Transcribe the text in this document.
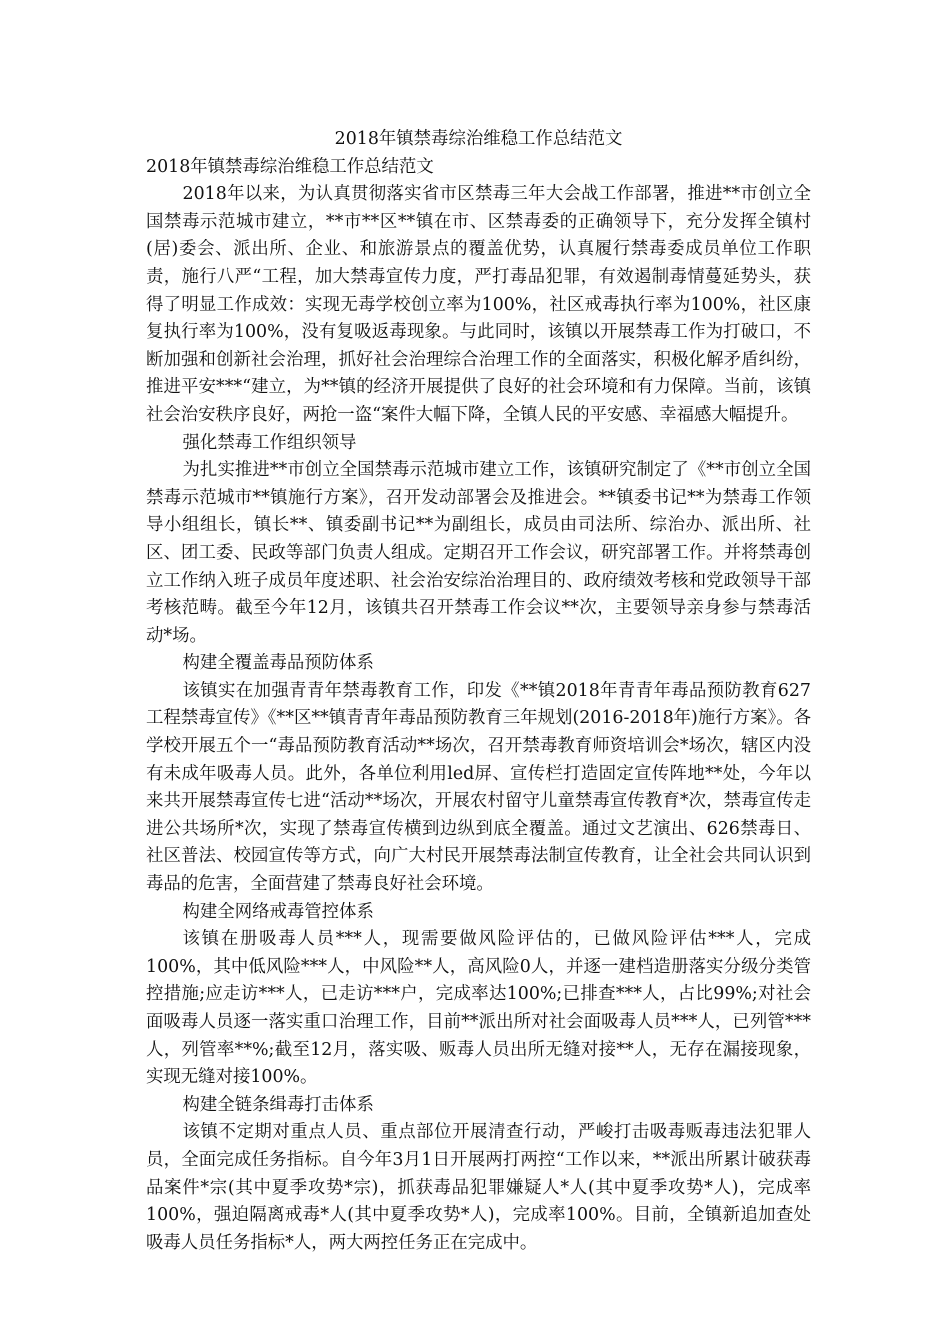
2018年镇禁毒综治维稳工作总结范文

2018年镇禁毒综治维稳工作总结范文

2018年以来，为认真贯彻落实省市区禁毒三年大会战工作部署，推进**市创立全国禁毒示范城市建立，**市**区**镇在市、区禁毒委的正确领导下，充分发挥全镇村(居)委会、派出所、企业、和旅游景点的覆盖优势，认真履行禁毒委成员单位工作职责，施行八严“工程，加大禁毒宣传力度，严打毒品犯罪，有效遏制毒情蔓延势头，获得了明显工作成效：实现无毒学校创立率为100%，社区戒毒执行率为100%，社区康复执行率为100%，没有复吸返毒现象。与此同时，该镇以开展禁毒工作为打破口，不断加强和创新社会治理，抓好社会治理综合治理工作的全面落实，积极化解矛盾纠纷，推进平安***“建立，为**镇的经济开展提供了良好的社会环境和有力保障。当前，该镇社会治安秩序良好，两抢一盗“案件大幅下降，全镇人民的平安感、幸福感大幅提升。

强化禁毒工作组织领导

为扎实推进**市创立全国禁毒示范城市建立工作，该镇研究制定了《**市创立全国禁毒示范城市**镇施行方案》，召开发动部署会及推进会。**镇委书记**为禁毒工作领导小组组长，镇长**、镇委副书记**为副组长，成员由司法所、综治办、派出所、社区、团工委、民政等部门负责人组成。定期召开工作会议，研究部署工作。并将禁毒创立工作纳入班子成员年度述职、社会治安综治治理目的、政府绩效考核和党政领导干部考核范畴。截至今年12月，该镇共召开禁毒工作会议**次，主要领导亲身参与禁毒活动*场。

构建全覆盖毒品预防体系

该镇实在加强青青年禁毒教育工作，印发《**镇2018年青青年毒品预防教育627工程禁毒宣传》《**区**镇青青年毒品预防教育三年规划(2016-2018年)施行方案》。各学校开展五个一“毒品预防教育活动**场次，召开禁毒教育师资培训会*场次，辖区内没有未成年吸毒人员。此外，各单位利用led屏、宣传栏打造固定宣传阵地**处，今年以来共开展禁毒宣传七进“活动**场次，开展农村留守儿童禁毒宣传教育*次，禁毒宣传走进公共场所*次，实现了禁毒宣传横到边纵到底全覆盖。通过文艺演出、626禁毒日、社区普法、校园宣传等方式，向广大村民开展禁毒法制宣传教育，让全社会共同认识到毒品的危害，全面营建了禁毒良好社会环境。

构建全网络戒毒管控体系

该镇在册吸毒人员***人，现需要做风险评估的，已做风险评估***人，完成100%，其中低风险***人，中风险**人，高风险0人，并逐一建档造册落实分级分类管控措施;应走访***人，已走访***户，完成率达100%;已排查***人，占比99%;对社会面吸毒人员逐一落实重口治理工作，目前**派出所对社会面吸毒人员***人，已列管***人，列管率**%;截至12月，落实吸、贩毒人员出所无缝对接**人，无存在漏接现象，实现无缝对接100%。

构建全链条缉毒打击体系

该镇不定期对重点人员、重点部位开展清查行动，严峻打击吸毒贩毒违法犯罪人员，全面完成任务指标。自今年3月1日开展两打两控“工作以来，**派出所累计破获毒品案件*宗(其中夏季攻势*宗)，抓获毒品犯罪嫌疑人*人(其中夏季攻势*人)，完成率100%，强迫隔离戒毒*人(其中夏季攻势*人)，完成率100%。目前，全镇新追加查处吸毒人员任务指标*人，两大两控任务正在完成中。
